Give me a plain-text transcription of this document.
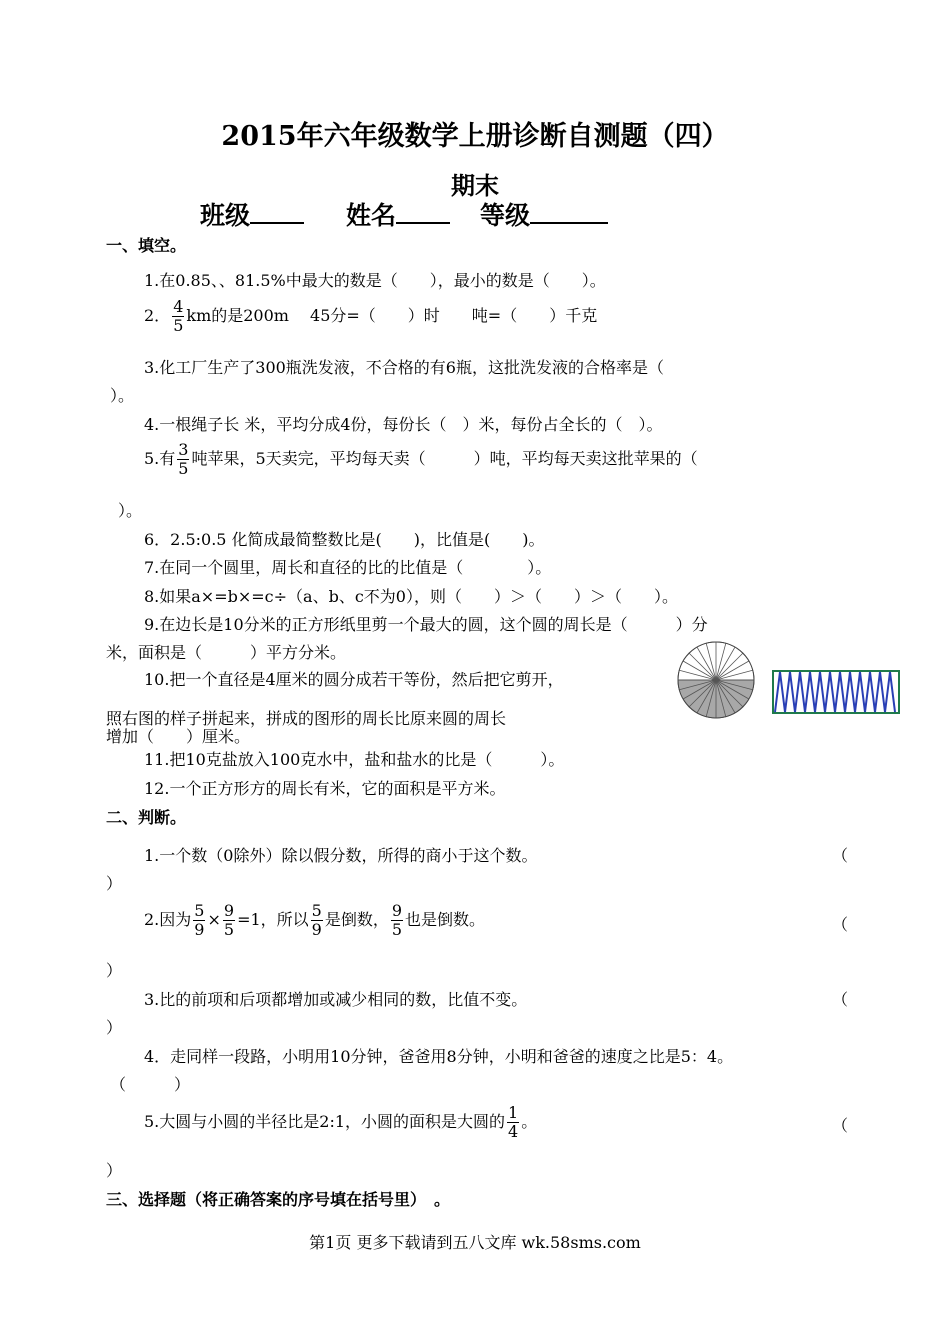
2015年六年级数学上册诊断自测题（四）
期末
班级	姓名	等级
一、填空。
1.在0.85、、81.5%中最大的数是（　　），最小的数是（　　）。
2． $\frac{4}{5}$ km的是200m　 45分=（　　）时　　吨=（　　）千克
3.化工厂生产了300瓶洗发液，不合格的有6瓶，这批洗发液的合格率是（
）。
4.一根绳子长 米，平均分成4份，每份长（　）米，每份占全长的（　）。
5.有 $\frac{3}{5}$ 吨苹果，5天卖完，平均每天卖（　　　）吨，平均每天卖这批苹果的（
）。
6．2.5:0.5 化简成最简整数比是(　　)，比值是(　　)。
7.在同一个圆里，周长和直径的比的比值是（　　　　）。
8.如果a×=b×=c÷（a、b、c不为0），则（　　）＞（　　）＞（　　）。
9.在边长是10分米的正方形纸里剪一个最大的圆，这个圆的周长是（　　　）分
米，面积是（　　　）平方分米。
10.把一个直径是4厘米的圆分成若干等份，然后把它剪开，
照右图的样子拼起来，拼成的图形的周长比原来圆的周长
增加（　　）厘米。
11.把10克盐放入100克水中，盐和盐水的比是（　　　）。
12.一个正方形方的周长有米，它的面积是平方米。
二、判断。
1.一个数（0除外）除以假分数，所得的商小于这个数。	（
）
2.因为 $\frac{5}{9} \times \frac{9}{5} =1$，所以 $\frac{5}{9}$ 是倒数， $\frac{9}{5}$ 也是倒数。	（
）
3.比的前项和后项都增加或减少相同的数，比值不变。	（
）
4．走同样一段路，小明用10分钟，爸爸用8分钟，小明和爸爸的速度之比是5：4。
（　　　）
5.大圆与小圆的半径比是2:1，小圆的面积是大圆的 $\frac{1}{4}$ 。	（
）
三、选择题（将正确答案的序号填在括号里）　。
第1页 更多下载请到五八文库 wk.58sms.com
